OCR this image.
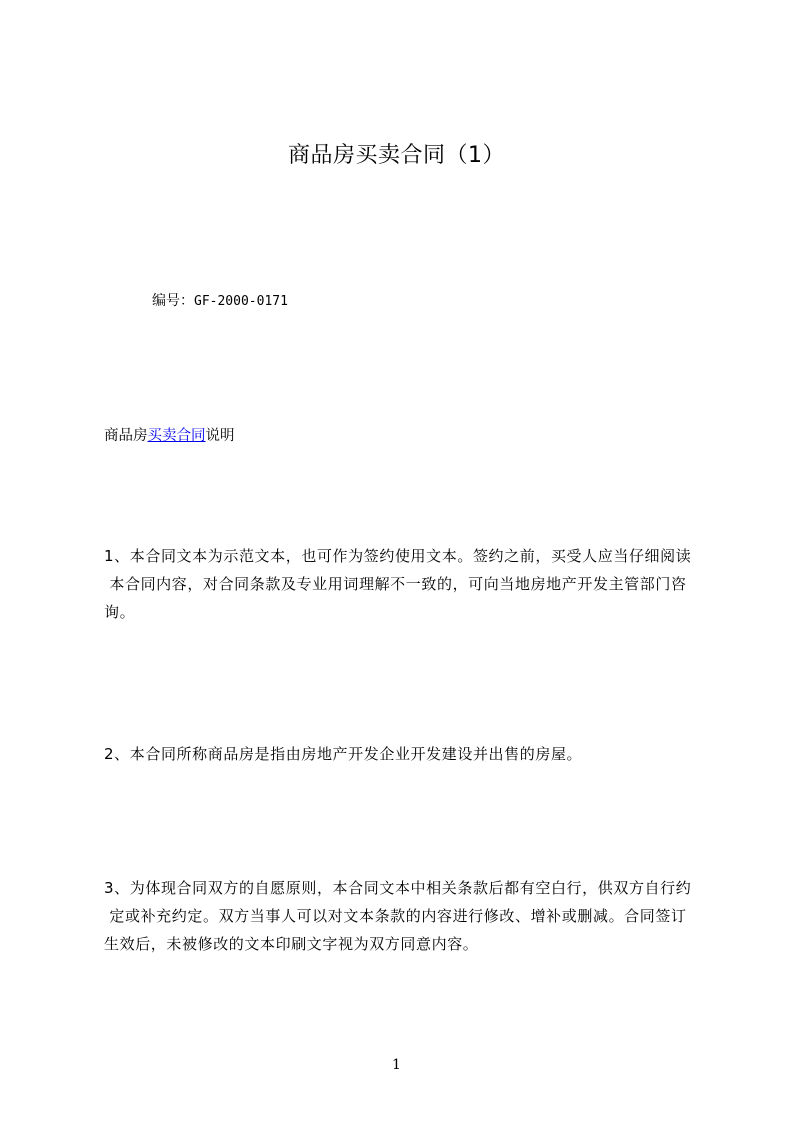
商品房买卖合同（1）
编号：GF-2000-0171
商品房买卖合同说明
1、本合同文本为示范文本，也可作为签约使用文本。签约之前，买受人应当仔细阅读
本合同内容，对合同条款及专业用词理解不一致的，可向当地房地产开发主管部门咨
询。
2、本合同所称商品房是指由房地产开发企业开发建设并出售的房屋。
3、为体现合同双方的自愿原则，本合同文本中相关条款后都有空白行，供双方自行约
定或补充约定。双方当事人可以对文本条款的内容进行修改、增补或删减。合同签订
生效后，未被修改的文本印刷文字视为双方同意内容。
1
